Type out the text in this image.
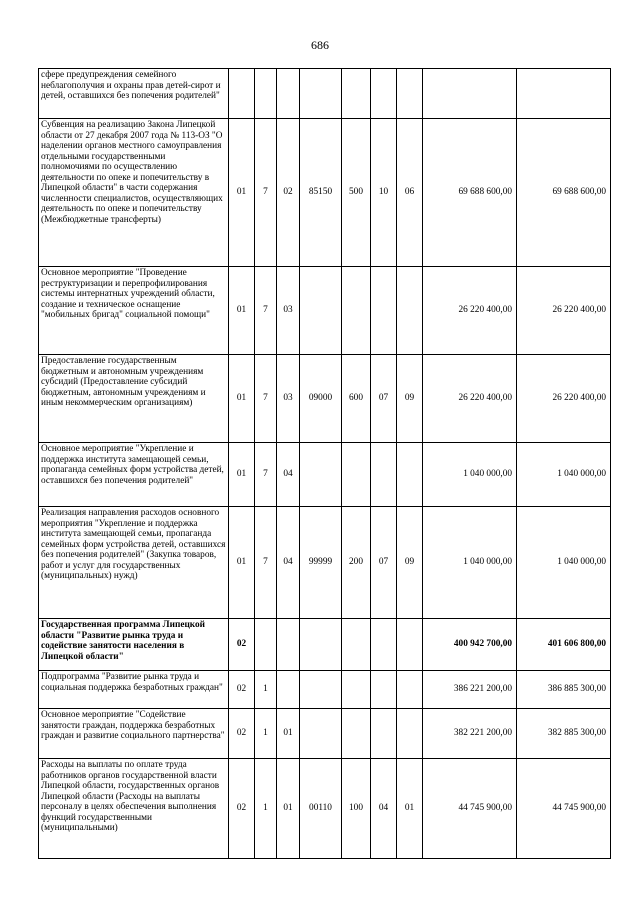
686
сфере предупреждения семейного неблагополучия и охраны прав детей-сирот и детей, оставшихся без попечения родителей"									
Субвенция на реализацию Закона Липецкой области от 27 декабря 2007 года № 113-ОЗ "О наделении органов местного самоуправления отдельными государственными полномочиями по осуществлению деятельности по опеке и попечительству в Липецкой области" в части содержания численности специалистов, осуществляющих деятельность по опеке и попечительству (Межбюджетные трансферты)	01	7	02	85150	500	10	06	69 688 600,00	69 688 600,00
Основное мероприятие "Проведение реструктуризации и перепрофилирования системы интернатных учреждений области, создание и техническое оснащение "мобильных бригад" социальной помощи"	01	7	03					26 220 400,00	26 220 400,00
Предоставление государственным бюджетным и автономным учреждениям субсидий (Предоставление субсидий бюджетным, автономным учреждениям и иным некоммерческим организациям)	01	7	03	09000	600	07	09	26 220 400,00	26 220 400,00
Основное мероприятие "Укрепление и поддержка института замещающей семьи, пропаганда семейных форм устройства детей, оставшихся без попечения родителей"	01	7	04					1 040 000,00	1 040 000,00
Реализация направления расходов основного мероприятия "Укрепление и поддержка института замещающей семьи, пропаганда семейных форм устройства детей, оставшихся без попечения родителей" (Закупка товаров, работ и услуг для государственных (муниципальных) нужд)	01	7	04	99999	200	07	09	1 040 000,00	1 040 000,00
Государственная программа Липецкой области "Развитие рынка труда и содействие занятости населения в Липецкой области"	02							400 942 700,00	401 606 800,00
Подпрограмма "Развитие рынка труда и социальная поддержка безработных граждан"	02	1						386 221 200,00	386 885 300,00
Основное мероприятие "Содействие занятости граждан, поддержка безработных граждан и развитие социального партнерства"	02	1	01					382 221 200,00	382 885 300,00
Расходы на выплаты по оплате труда работников органов государственной власти Липецкой области, государственных органов Липецкой области (Расходы на выплаты персоналу в целях обеспечения выполнения функций государственными (муниципальными)	02	1	01	00110	100	04	01	44 745 900,00	44 745 900,00
